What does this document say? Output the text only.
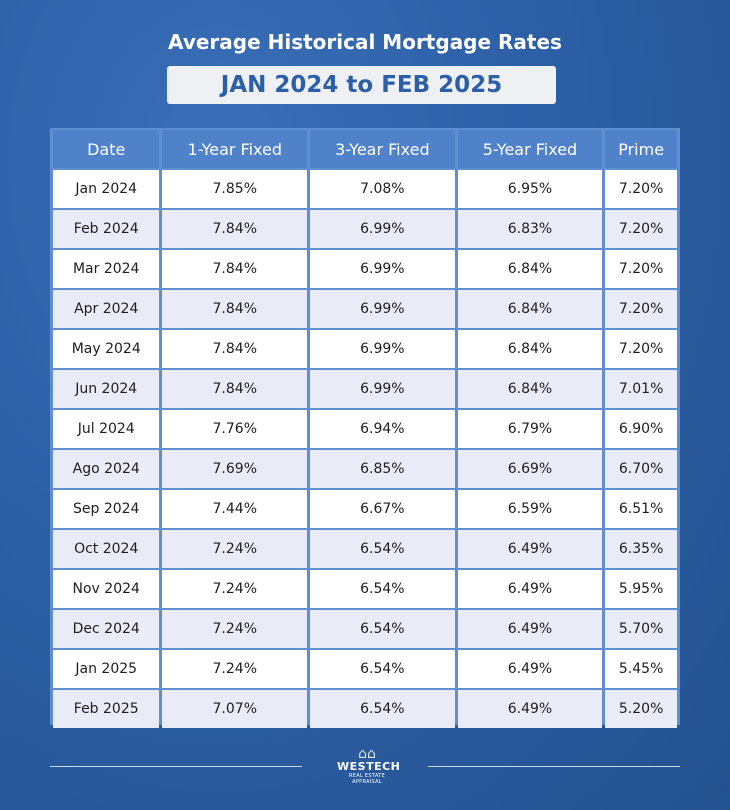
Average Historical Mortgage Rates
JAN 2024 to FEB 2025
Date	1-Year Fixed	3-Year Fixed	5-Year Fixed	Prime
Jan 2024	7.85%	7.08%	6.95%	7.20%
Feb 2024	7.84%	6.99%	6.83%	7.20%
Mar 2024	7.84%	6.99%	6.84%	7.20%
Apr 2024	7.84%	6.99%	6.84%	7.20%
May 2024	7.84%	6.99%	6.84%	7.20%
Jun 2024	7.84%	6.99%	6.84%	7.01%
Jul 2024	7.76%	6.94%	6.79%	6.90%
Ago 2024	7.69%	6.85%	6.69%	6.70%
Sep 2024	7.44%	6.67%	6.59%	6.51%
Oct 2024	7.24%	6.54%	6.49%	6.35%
Nov 2024	7.24%	6.54%	6.49%	5.95%
Dec 2024	7.24%	6.54%	6.49%	5.70%
Jan 2025	7.24%	6.54%	6.49%	5.45%
Feb 2025	7.07%	6.54%	6.49%	5.20%
⌂⌂
WESTECH
REAL ESTATE APPRAISAL
